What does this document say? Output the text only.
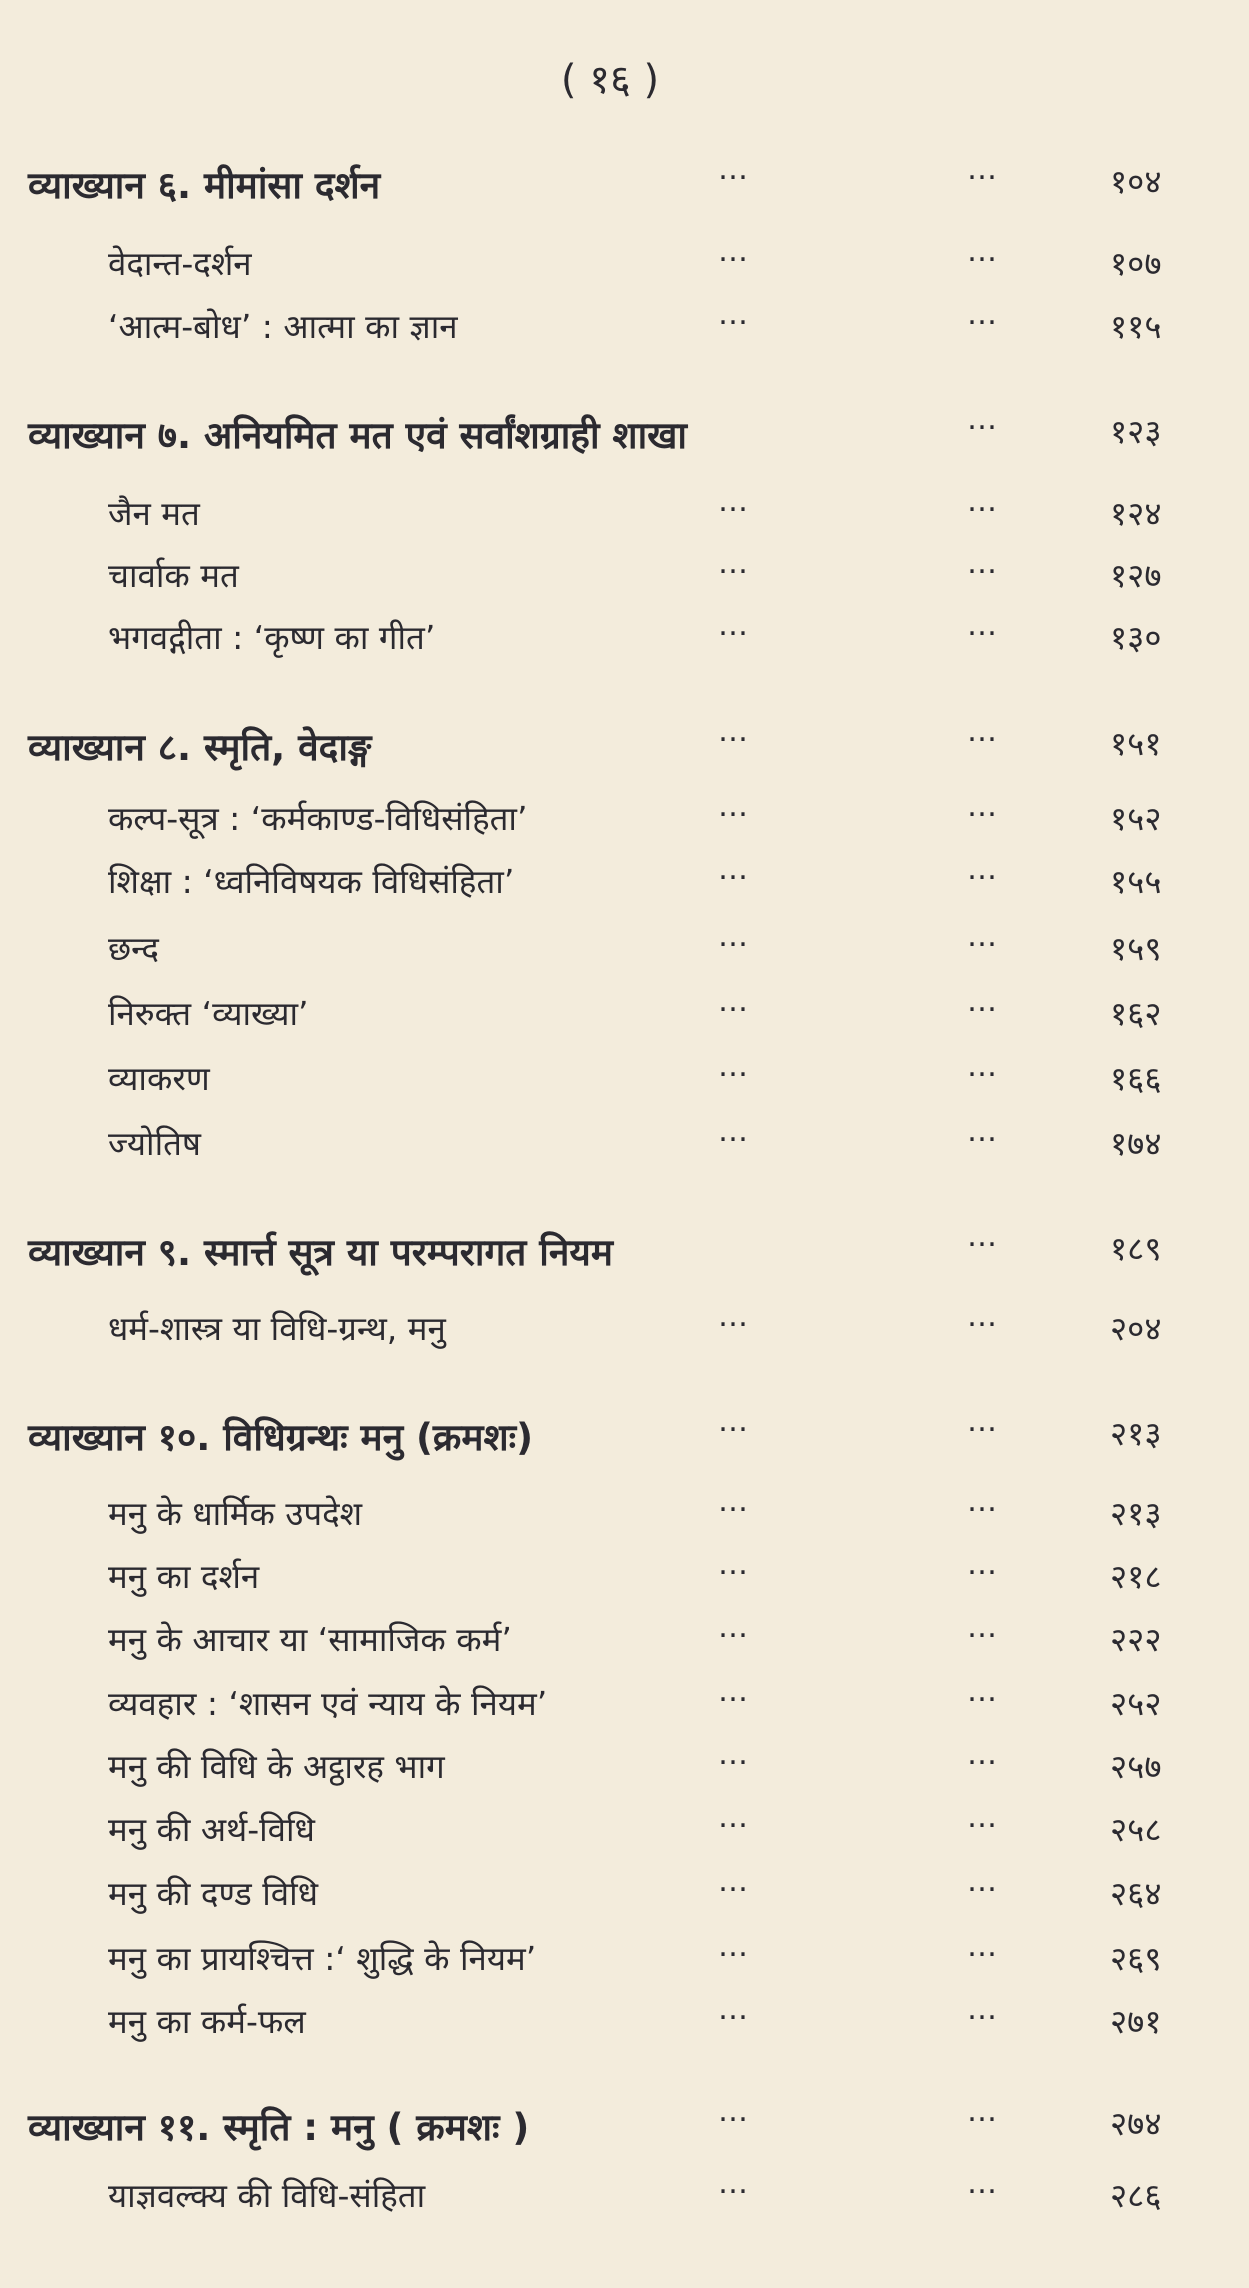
( १६ )
व्याख्यान ६. मीमांसा दर्शन	…	…	१०४
वेदान्त-दर्शन	…	…	१०७
‘आत्म-बोध’ : आत्मा का ज्ञान	…	…	११५
व्याख्यान ७. अनियमित मत एवं सर्वांशग्राही शाखा	…	१२३
जैन मत	…	…	१२४
चार्वाक मत	…	…	१२७
भगवद्गीता : ‘कृष्ण का गीत’	…	…	१३०
व्याख्यान ८. स्मृति, वेदाङ्ग	…	…	१५१
कल्प-सूत्र : ‘कर्मकाण्ड-विधिसंहिता’	…	…	१५२
शिक्षा : ‘ध्वनिविषयक विधिसंहिता’	…	…	१५५
छन्द	…	…	१५९
निरुक्त ‘व्याख्या’	…	…	१६२
व्याकरण	…	…	१६६
ज्योतिष	…	…	१७४
व्याख्यान ९. स्मार्त्त सूत्र या परम्परागत नियम	…	१८९
धर्म-शास्त्र या विधि-ग्रन्थ, मनु	…	…	२०४
व्याख्यान १०. विधिग्रन्थः मनु (क्रमशः)	…	…	२१३
मनु के धार्मिक उपदेश	…	…	२१३
मनु का दर्शन	…	…	२१८
मनु के आचार या ‘सामाजिक कर्म’	…	…	२२२
व्यवहार : ‘शासन एवं न्याय के नियम’	…	…	२५२
मनु की विधि के अट्ठारह भाग	…	…	२५७
मनु की अर्थ-विधि	…	…	२५८
मनु की दण्ड विधि	…	…	२६४
मनु का प्रायश्चित्त :‘ शुद्धि के नियम’	…	…	२६९
मनु का कर्म-फल	…	…	२७१
व्याख्यान ११. स्मृति : मनु ( क्रमशः )	…	…	२७४
याज्ञवल्क्य की विधि-संहिता	…	…	२८६
